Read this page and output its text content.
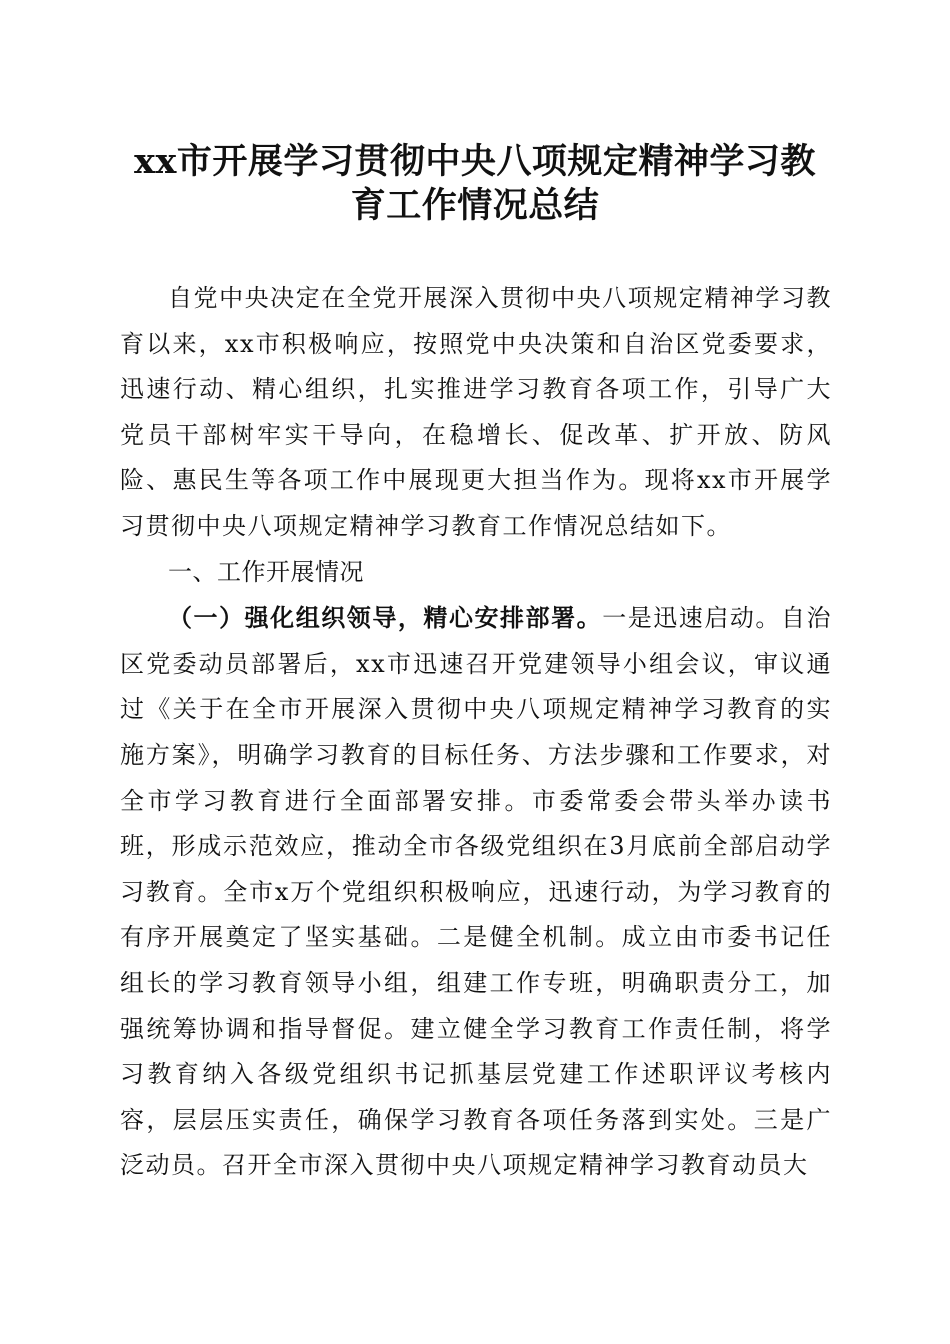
xx市开展学习贯彻中央八项规定精神学习教
育工作情况总结

自党中央决定在全党开展深入贯彻中央八项规定精神学习教育以来，xx市积极响应，按照党中央决策和自治区党委要求，迅速行动、精心组织，扎实推进学习教育各项工作，引导广大党员干部树牢实干导向，在稳增长、促改革、扩开放、防风险、惠民生等各项工作中展现更大担当作为。现将xx市开展学习贯彻中央八项规定精神学习教育工作情况总结如下。

一、工作开展情况

（一）强化组织领导，精心安排部署。一是迅速启动。自治区党委动员部署后，xx市迅速召开党建领导小组会议，审议通过《关于在全市开展深入贯彻中央八项规定精神学习教育的实施方案》，明确学习教育的目标任务、方法步骤和工作要求，对全市学习教育进行全面部署安排。市委常委会带头举办读书班，形成示范效应，推动全市各级党组织在3月底前全部启动学习教育。全市x万个党组织积极响应，迅速行动，为学习教育的有序开展奠定了坚实基础。二是健全机制。成立由市委书记任组长的学习教育领导小组，组建工作专班，明确职责分工，加强统筹协调和指导督促。建立健全学习教育工作责任制，将学习教育纳入各级党组织书记抓基层党建工作述职评议考核内容，层层压实责任，确保学习教育各项任务落到实处。三是广泛动员。召开全市深入贯彻中央八项规定精神学习教育动员大
